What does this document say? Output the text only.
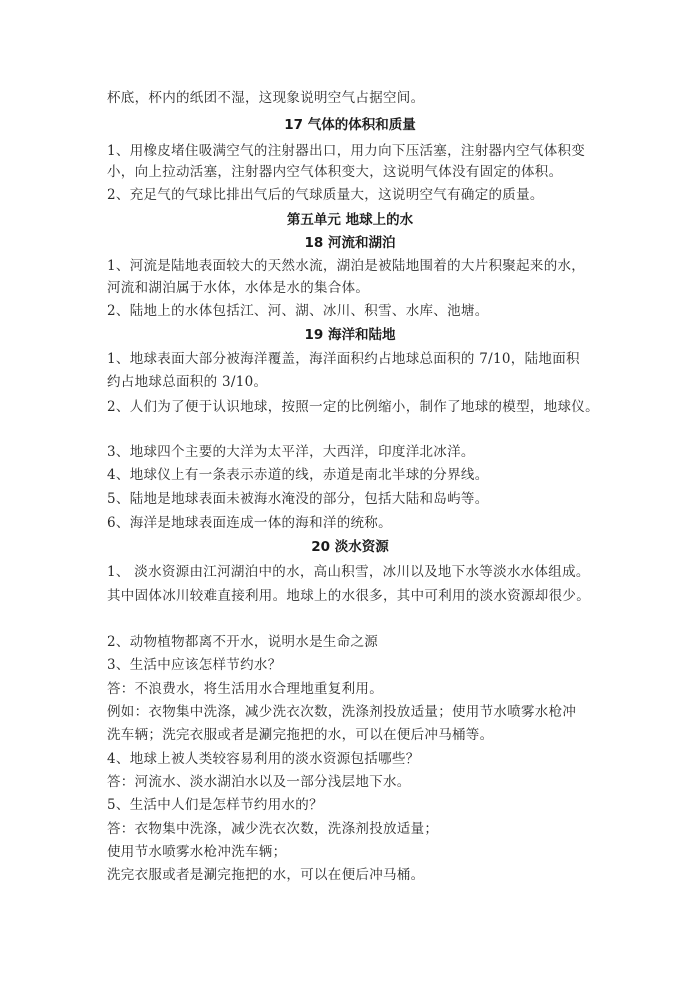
杯底，杯内的纸团不湿，这现象说明空气占据空间。
17 气体的体积和质量
1、用橡皮堵住吸满空气的注射器出口，用力向下压活塞，注射器内空气体积变
小，向上拉动活塞，注射器内空气体积变大，这说明气体没有固定的体积。
2、充足气的气球比排出气后的气球质量大，这说明空气有确定的质量。
第五单元 地球上的水
18 河流和湖泊
1、河流是陆地表面较大的天然水流，湖泊是被陆地围着的大片积聚起来的水，
河流和湖泊属于水体，水体是水的集合体。
2、陆地上的水体包括江、河、湖、冰川、积雪、水库、池塘。
19 海洋和陆地
1、地球表面大部分被海洋覆盖，海洋面积约占地球总面积的 7/10，陆地面积
约占地球总面积的 3/10。
2、人们为了便于认识地球，按照一定的比例缩小，制作了地球的模型，地球仪。
3、地球四个主要的大洋为太平洋，大西洋，印度洋北冰洋。
4、地球仪上有一条表示赤道的线，赤道是南北半球的分界线。
5、陆地是地球表面未被海水淹没的部分，包括大陆和岛屿等。
6、海洋是地球表面连成一体的海和洋的统称。
20 淡水资源
1、 淡水资源由江河湖泊中的水，高山积雪，冰川以及地下水等淡水水体组成。
其中固体冰川较难直接利用。地球上的水很多，其中可利用的淡水资源却很少。
2、动物植物都离不开水，说明水是生命之源
3、生活中应该怎样节约水？
答：不浪费水，将生活用水合理地重复利用。
例如：衣物集中洗涤，减少洗衣次数，洗涤剂投放适量；使用节水喷雾水枪冲
洗车辆；洗完衣服或者是涮完拖把的水，可以在便后冲马桶等。
4、地球上被人类较容易利用的淡水资源包括哪些？
答：河流水、淡水湖泊水以及一部分浅层地下水。
5、生活中人们是怎样节约用水的？
答：衣物集中洗涤，减少洗衣次数，洗涤剂投放适量；
使用节水喷雾水枪冲洗车辆；
洗完衣服或者是涮完拖把的水，可以在便后冲马桶。
